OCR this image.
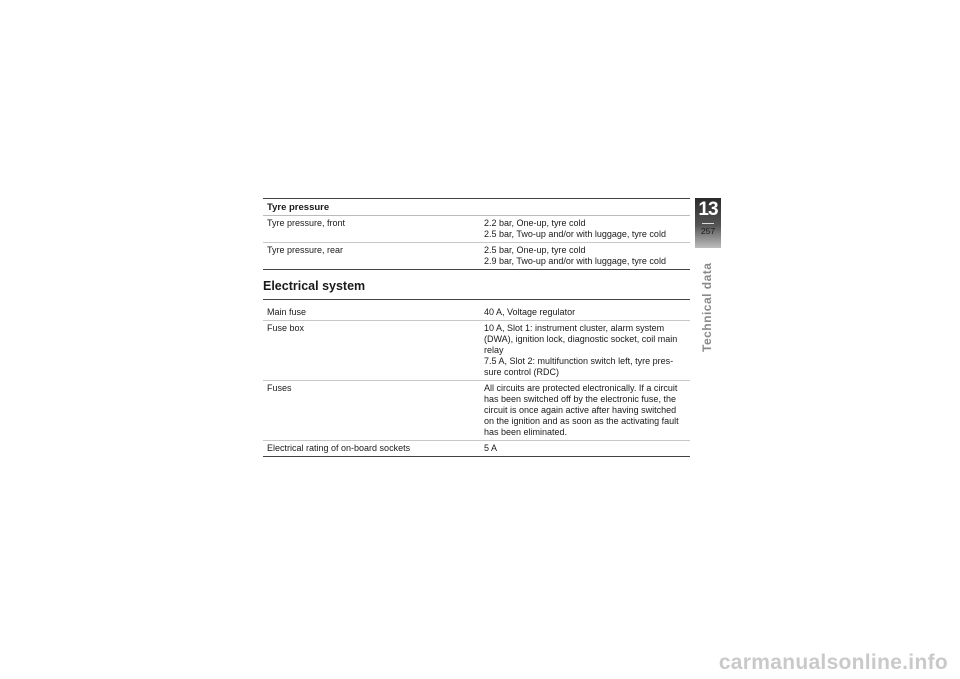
Tyre pressure
Tyre pressure, front	2.2 bar, One-up, tyre cold
2.5 bar, Two-up and/or with luggage, tyre cold
Tyre pressure, rear	2.5 bar, One-up, tyre cold
2.9 bar, Two-up and/or with luggage, tyre cold
Electrical system
Main fuse	40 A, Voltage regulator
Fuse box	10 A, Slot 1: instrument cluster, alarm system
(DWA), ignition lock, diagnostic socket, coil main
relay
7.5 A, Slot 2: multifunction switch left, tyre pres-
sure control (RDC)
Fuses	All circuits are protected electronically. If a circuit
has been switched off by the electronic fuse, the
circuit is once again active after having switched
on the ignition and as soon as the activating fault
has been eliminated.
Electrical rating of on-board sockets	5 A
13
257
Technical data
carmanualsonline.info
